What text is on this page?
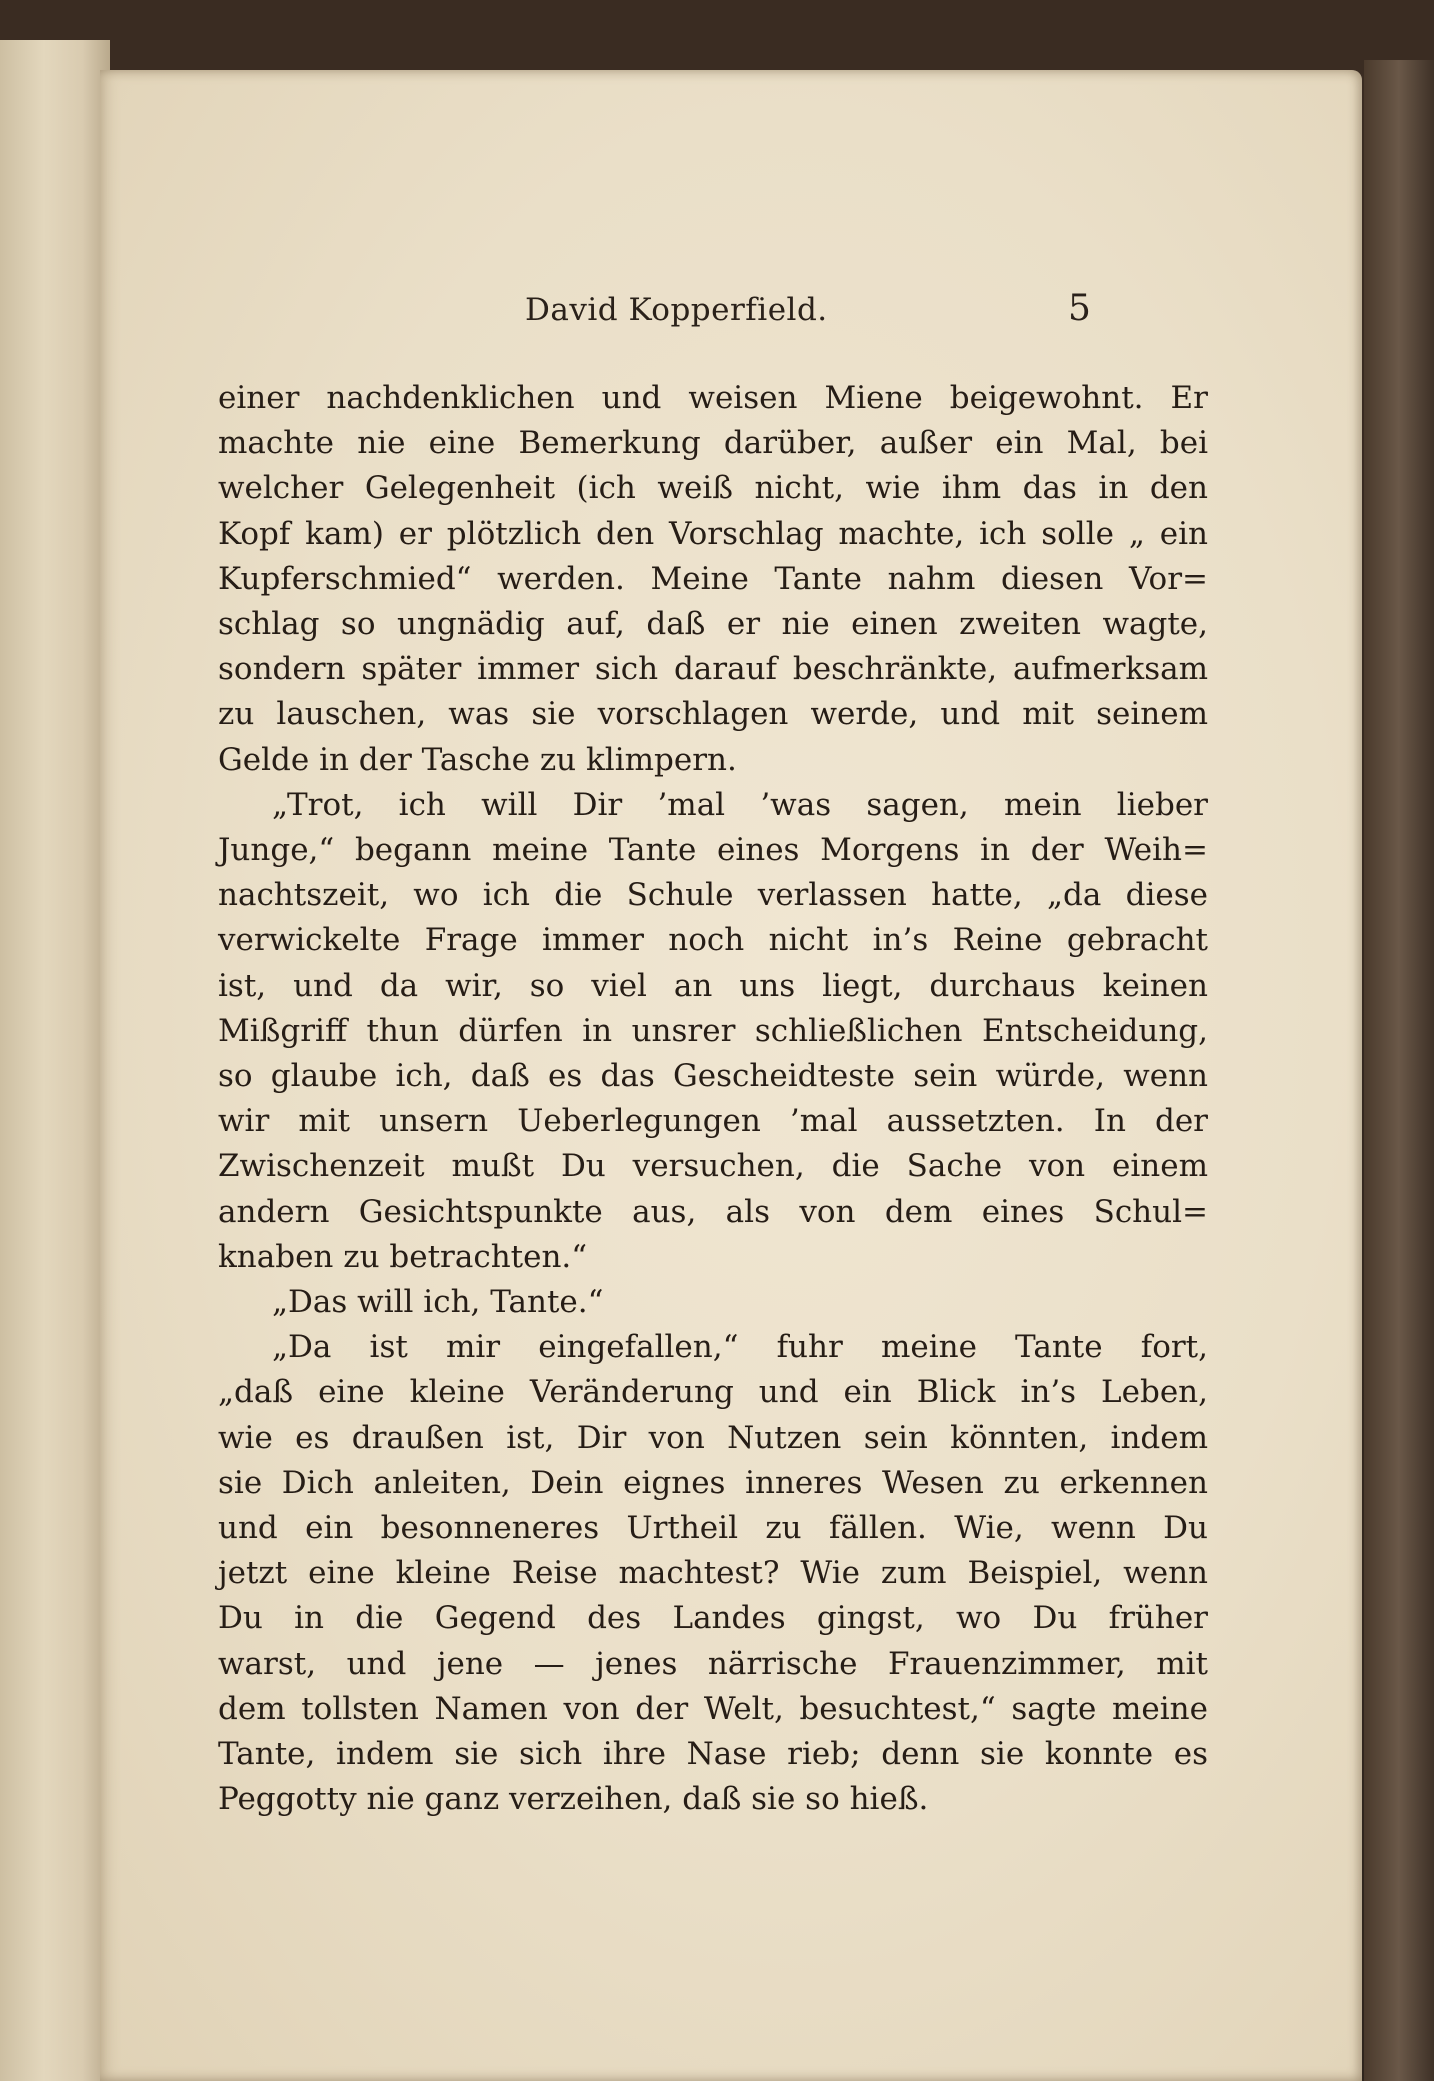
David Kopperfield.	5
einer nachdenklichen und weisen Miene beigewohnt. Er
machte nie eine Bemerkung darüber, außer ein Mal, bei
welcher Gelegenheit (ich weiß nicht, wie ihm das in den
Kopf kam) er plötzlich den Vorschlag machte, ich solle „ ein
Kupferschmied“ werden. Meine Tante nahm diesen Vor=
schlag so ungnädig auf, daß er nie einen zweiten wagte,
sondern später immer sich darauf beschränkte, aufmerksam
zu lauschen, was sie vorschlagen werde, und mit seinem
Gelde in der Tasche zu klimpern.
„Trot, ich will Dir ’mal ’was sagen, mein lieber
Junge,“ begann meine Tante eines Morgens in der Weih=
nachtszeit, wo ich die Schule verlassen hatte, „da diese
verwickelte Frage immer noch nicht in’s Reine gebracht
ist, und da wir, so viel an uns liegt, durchaus keinen
Mißgriff thun dürfen in unsrer schließlichen Entscheidung,
so glaube ich, daß es das Gescheidteste sein würde, wenn
wir mit unsern Ueberlegungen ’mal aussetzten. In der
Zwischenzeit mußt Du versuchen, die Sache von einem
andern Gesichtspunkte aus, als von dem eines Schul=
knaben zu betrachten.“
„Das will ich, Tante.“
„Da ist mir eingefallen,“ fuhr meine Tante fort,
„daß eine kleine Veränderung und ein Blick in’s Leben,
wie es draußen ist, Dir von Nutzen sein könnten, indem
sie Dich anleiten, Dein eignes inneres Wesen zu erkennen
und ein besonneneres Urtheil zu fällen. Wie, wenn Du
jetzt eine kleine Reise machtest? Wie zum Beispiel, wenn
Du in die Gegend des Landes gingst, wo Du früher
warst, und jene — jenes närrische Frauenzimmer, mit
dem tollsten Namen von der Welt, besuchtest,“ sagte meine
Tante, indem sie sich ihre Nase rieb; denn sie konnte es
Peggotty nie ganz verzeihen, daß sie so hieß.
